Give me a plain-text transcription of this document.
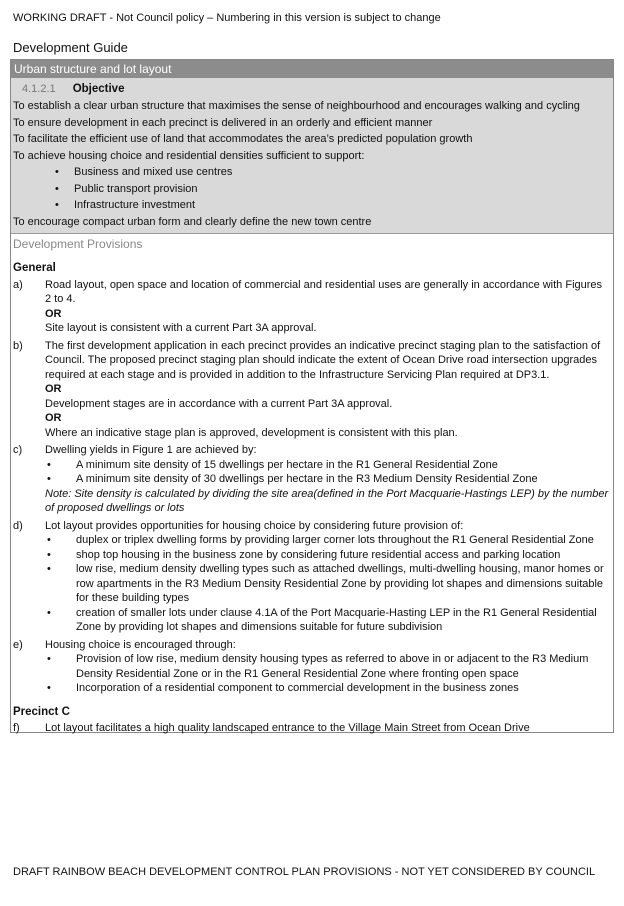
WORKING DRAFT - Not Council policy – Numbering in this version is subject to change
Development Guide
Urban structure and lot layout
4.1.2.1 Objective
To establish a clear urban structure that maximises the sense of neighbourhood and encourages walking and cycling
To ensure development in each precinct is delivered in an orderly and efficient manner
To facilitate the efficient use of land that accommodates the area’s predicted population growth
To achieve housing choice and residential densities sufficient to support:
• Business and mixed use centres
• Public transport provision
• Infrastructure investment
To encourage compact urban form and clearly define the new town centre
Development Provisions
General
a)	Road layout, open space and location of commercial and residential uses are generally in accordance with Figures 2 to 4.
OR
Site layout is consistent with a current Part 3A approval.
b)	The first development application in each precinct provides an indicative precinct staging plan to the satisfaction of Council. The proposed precinct staging plan should indicate the extent of Ocean Drive road intersection upgrades required at each stage and is provided in addition to the Infrastructure Servicing Plan required at DP3.1.
OR
Development stages are in accordance with a current Part 3A approval.
OR
Where an indicative stage plan is approved, development is consistent with this plan.
c)	Dwelling yields in Figure 1 are achieved by:
•	A minimum site density of 15 dwellings per hectare in the R1 General Residential Zone
•	A minimum site density of 30 dwellings per hectare in the R3 Medium Density Residential Zone
Note: Site density is calculated by dividing the site area(defined in the Port Macquarie-Hastings LEP) by the number of proposed dwellings or lots
d)	Lot layout provides opportunities for housing choice by considering future provision of:
•	duplex or triplex dwelling forms by providing larger corner lots throughout the R1 General Residential Zone
•	shop top housing in the business zone by considering future residential access and parking location
•	low rise, medium density dwelling types such as attached dwellings, multi-dwelling housing, manor homes or row apartments in the R3 Medium Density Residential Zone by providing lot shapes and dimensions suitable for these building types
•	creation of smaller lots under clause 4.1A of the Port Macquarie-Hasting LEP in the R1 General Residential Zone by providing lot shapes and dimensions suitable for future subdivision
e)	Housing choice is encouraged through:
•	Provision of low rise, medium density housing types as referred to above in or adjacent to the R3 Medium Density Residential Zone or in the R1 General Residential Zone where fronting open space
•	Incorporation of a residential component to commercial development in the business zones
Precinct C
f)	Lot layout facilitates a high quality landscaped entrance to the Village Main Street from Ocean Drive
DRAFT RAINBOW BEACH DEVELOPMENT CONTROL PLAN PROVISIONS - NOT YET CONSIDERED BY COUNCIL
